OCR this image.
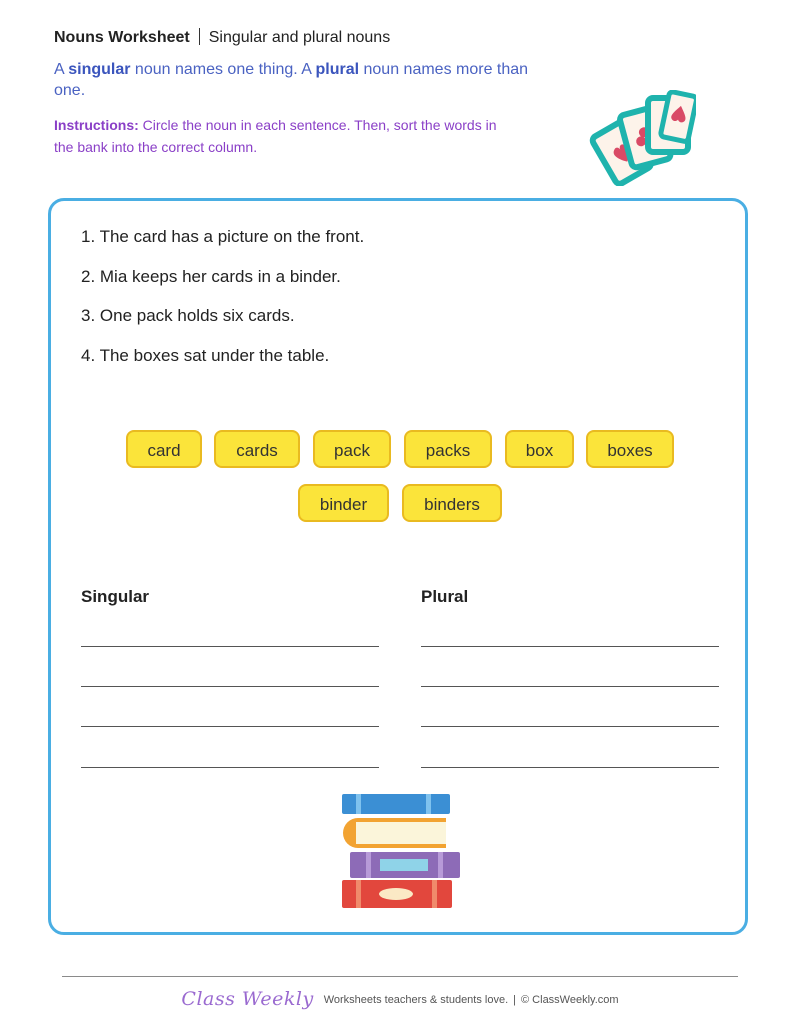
Nouns Worksheet Singular and plural nouns
A singular noun names one thing. A plural noun names more than one.
Instructions: Circle the noun in each sentence. Then, sort the words in the bank into the correct column.
1. The card has a picture on the front.
2. Mia keeps her cards in a binder.
3. One pack holds six cards.
4. The boxes sat under the table.
card	cards	pack	packs	box	boxes
binder	binders
Singular	Plural
Class Weekly Worksheets teachers & students love. | © ClassWeekly.com
